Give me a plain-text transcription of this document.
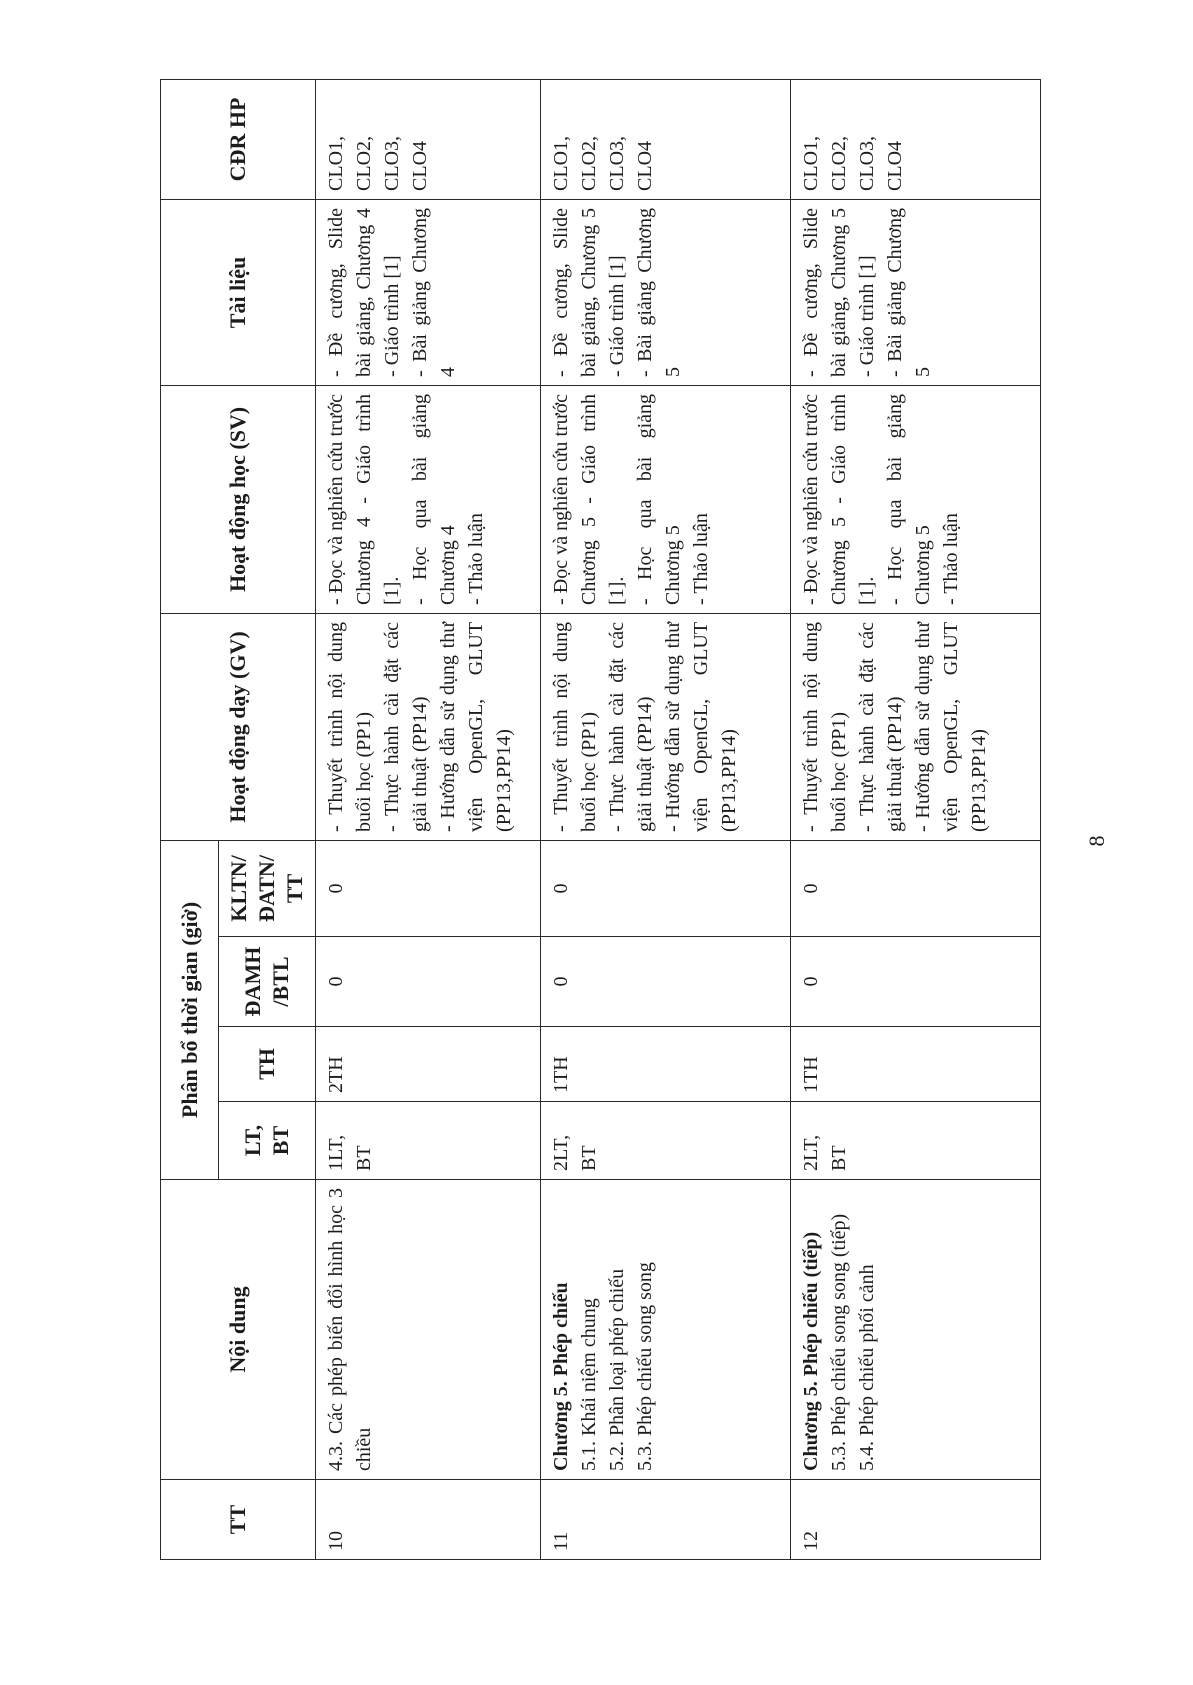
TT	Nội dung	Phân bổ thời gian (giờ)				Hoạt động dạy (GV)	Hoạt động học (SV)	Tài liệu	CĐR HP
		LT, BT	TH	ĐAMH /BTL	KLTN/ ĐATN/ TT				

10	4.3. Các phép biến đổi hình học 3 chiều	1LT, BT	2TH	0	0	- Thuyết trình nội dung buổi học (PP1) - Thực hành cài đặt các giải thuật (PP14) - Hướng dẫn sử dụng thư viện OpenGL, GLUT (PP13,PP14)	- Đọc và nghiên cứu trước Chương 4 - Giáo trình [1]. - Học qua bài giảng Chương 4 - Thảo luận	- Đề cương, Slide bài giảng, Chương 4 - Giáo trình [1] - Bài giảng Chương 4	CLO1, CLO2, CLO3, CLO4

11	Chương 5. Phép chiếu 5.1. Khái niệm chung 5.2. Phân loại phép chiếu 5.3. Phép chiếu song song	2LT, BT	1TH	0	0	- Thuyết trình nội dung buổi học (PP1) - Thực hành cài đặt các giải thuật (PP14) - Hướng dẫn sử dụng thư viện OpenGL, GLUT (PP13,PP14)	- Đọc và nghiên cứu trước Chương 5 - Giáo trình [1]. - Học qua bài giảng Chương 5 - Thảo luận	- Đề cương, Slide bài giảng, Chương 5 - Giáo trình [1] - Bài giảng Chương 5	CLO1, CLO2, CLO3, CLO4

12	Chương 5. Phép chiếu (tiếp) 5.3. Phép chiếu song song (tiếp) 5.4. Phép chiếu phối cảnh	2LT, BT	1TH	0	0	- Thuyết trình nội dung buổi học (PP1) - Thực hành cài đặt các giải thuật (PP14) - Hướng dẫn sử dụng thư viện OpenGL, GLUT (PP13,PP14)	- Đọc và nghiên cứu trước Chương 5 - Giáo trình [1]. - Học qua bài giảng Chương 5 - Thảo luận	- Đề cương, Slide bài giảng, Chương 5 - Giáo trình [1] - Bài giảng Chương 5	CLO1, CLO2, CLO3, CLO4
8
